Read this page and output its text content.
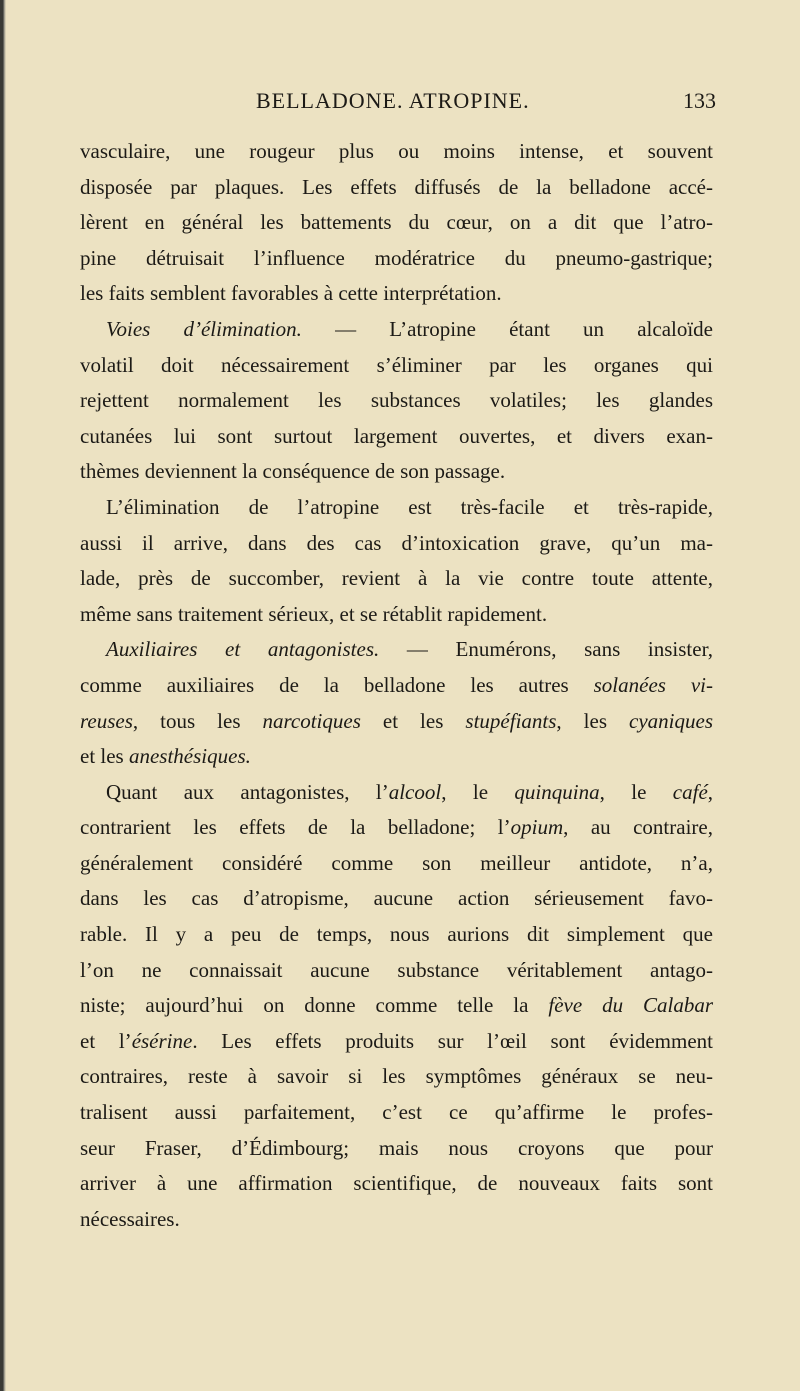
BELLADONE. ATROPINE.	133
vasculaire, une rougeur plus ou moins intense, et souvent
disposée par plaques. Les effets diffusés de la belladone accé-
lèrent en général les battements du cœur, on a dit que l’atro-
pine détruisait l’influence modératrice du pneumo-gastrique;
les faits semblent favorables à cette interprétation.
Voies d’élimination. — L’atropine étant un alcaloïde
volatil doit nécessairement s’éliminer par les organes qui
rejettent normalement les substances volatiles; les glandes
cutanées lui sont surtout largement ouvertes, et divers exan-
thèmes deviennent la conséquence de son passage.
L’élimination de l’atropine est très-facile et très-rapide,
aussi il arrive, dans des cas d’intoxication grave, qu’un ma-
lade, près de succomber, revient à la vie contre toute attente,
même sans traitement sérieux, et se rétablit rapidement.
Auxiliaires et antagonistes. — Enumérons, sans insister,
comme auxiliaires de la belladone les autres solanées vi-
reuses, tous les narcotiques et les stupéfiants, les cyaniques
et les anesthésiques.
Quant aux antagonistes, l’alcool, le quinquina, le café,
contrarient les effets de la belladone; l’opium, au contraire,
généralement considéré comme son meilleur antidote, n’a,
dans les cas d’atropisme, aucune action sérieusement favo-
rable. Il y a peu de temps, nous aurions dit simplement que
l’on ne connaissait aucune substance véritablement antago-
niste; aujourd’hui on donne comme telle la fève du Calabar
et l’ésérine. Les effets produits sur l’œil sont évidemment
contraires, reste à savoir si les symptômes généraux se neu-
tralisent aussi parfaitement, c’est ce qu’affirme le profes-
seur Fraser, d’Édimbourg; mais nous croyons que pour
arriver à une affirmation scientifique, de nouveaux faits sont
nécessaires.
